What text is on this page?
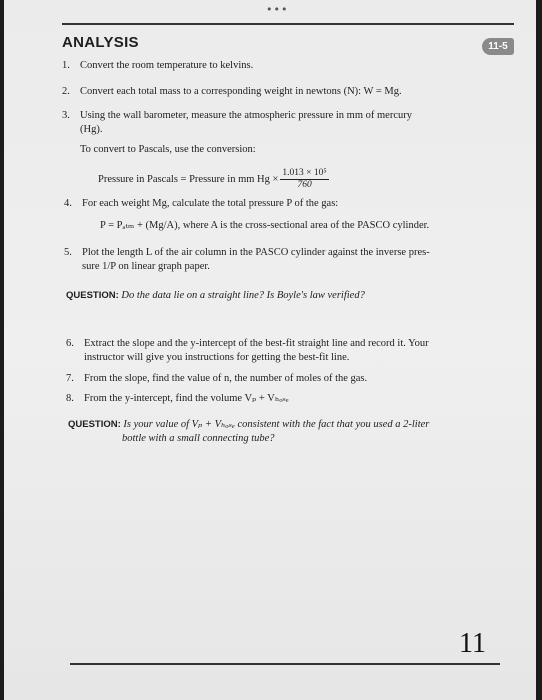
•••
ANALYSIS	11-5
1. Convert the room temperature to kelvins.
2. Convert each total mass to a corresponding weight in newtons (N): W = Mg.
3. Using the wall barometer, measure the atmospheric pressure in mm of mercury
(Hg).
To convert to Pascals, use the conversion:
Pressure in Pascals = Pressure in mm $Hg \times \frac{\text{1.013 × 10⁵}}{760}$
4. For each weight Mg, calculate the total pressure P of the gas:
P = Pₐₜₘ + (Mg/A), where A is the cross-sectional area of the PASCO cylinder.
5. Plot the length L of the air column in the PASCO cylinder against the inverse pres-
sure 1/P on linear graph paper.
QUESTION: Do the data lie on a straight line? Is Boyle's law verified?
6. Extract the slope and the y-intercept of the best-fit straight line and record it. Your
instructor will give you instructions for getting the best-fit line.
7. From the slope, find the value of n, the number of moles of the gas.
8. From the y-intercept, find the volume Vₚ + Vₕₒₛₑ
QUESTION: Is your value of Vₚ + Vₕₒₛₑ consistent with the fact that you used a 2-liter
bottle with a small connecting tube?
11
